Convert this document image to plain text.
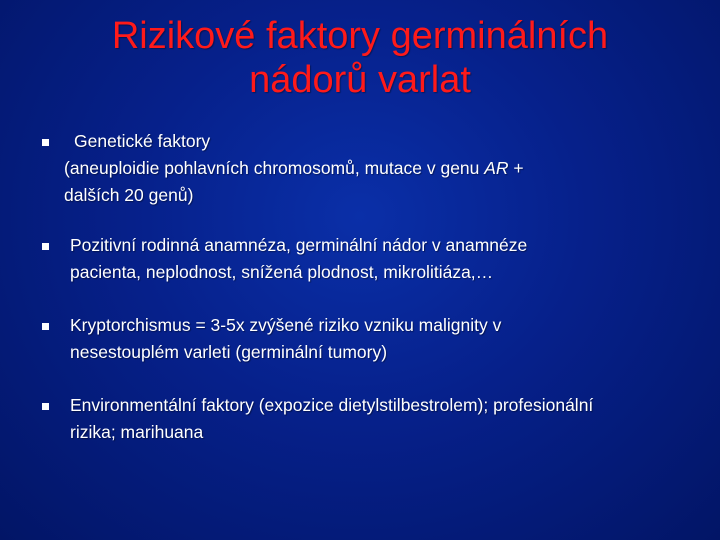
Rizikové faktory germinálních
nádorů varlat
Genetické faktory
(aneuploidie pohlavních chromosomů, mutace v genu AR +
dalších 20 genů)
Pozitivní rodinná anamnéza, germinální nádor v anamnéze
pacienta, neplodnost, snížená plodnost, mikrolitiáza,…
Kryptorchismus = 3-5x zvýšené riziko vzniku malignity v
nesestouplém varleti (germinální tumory)
Environmentální faktory (expozice dietylstilbestrolem); profesionální
rizika; marihuana
